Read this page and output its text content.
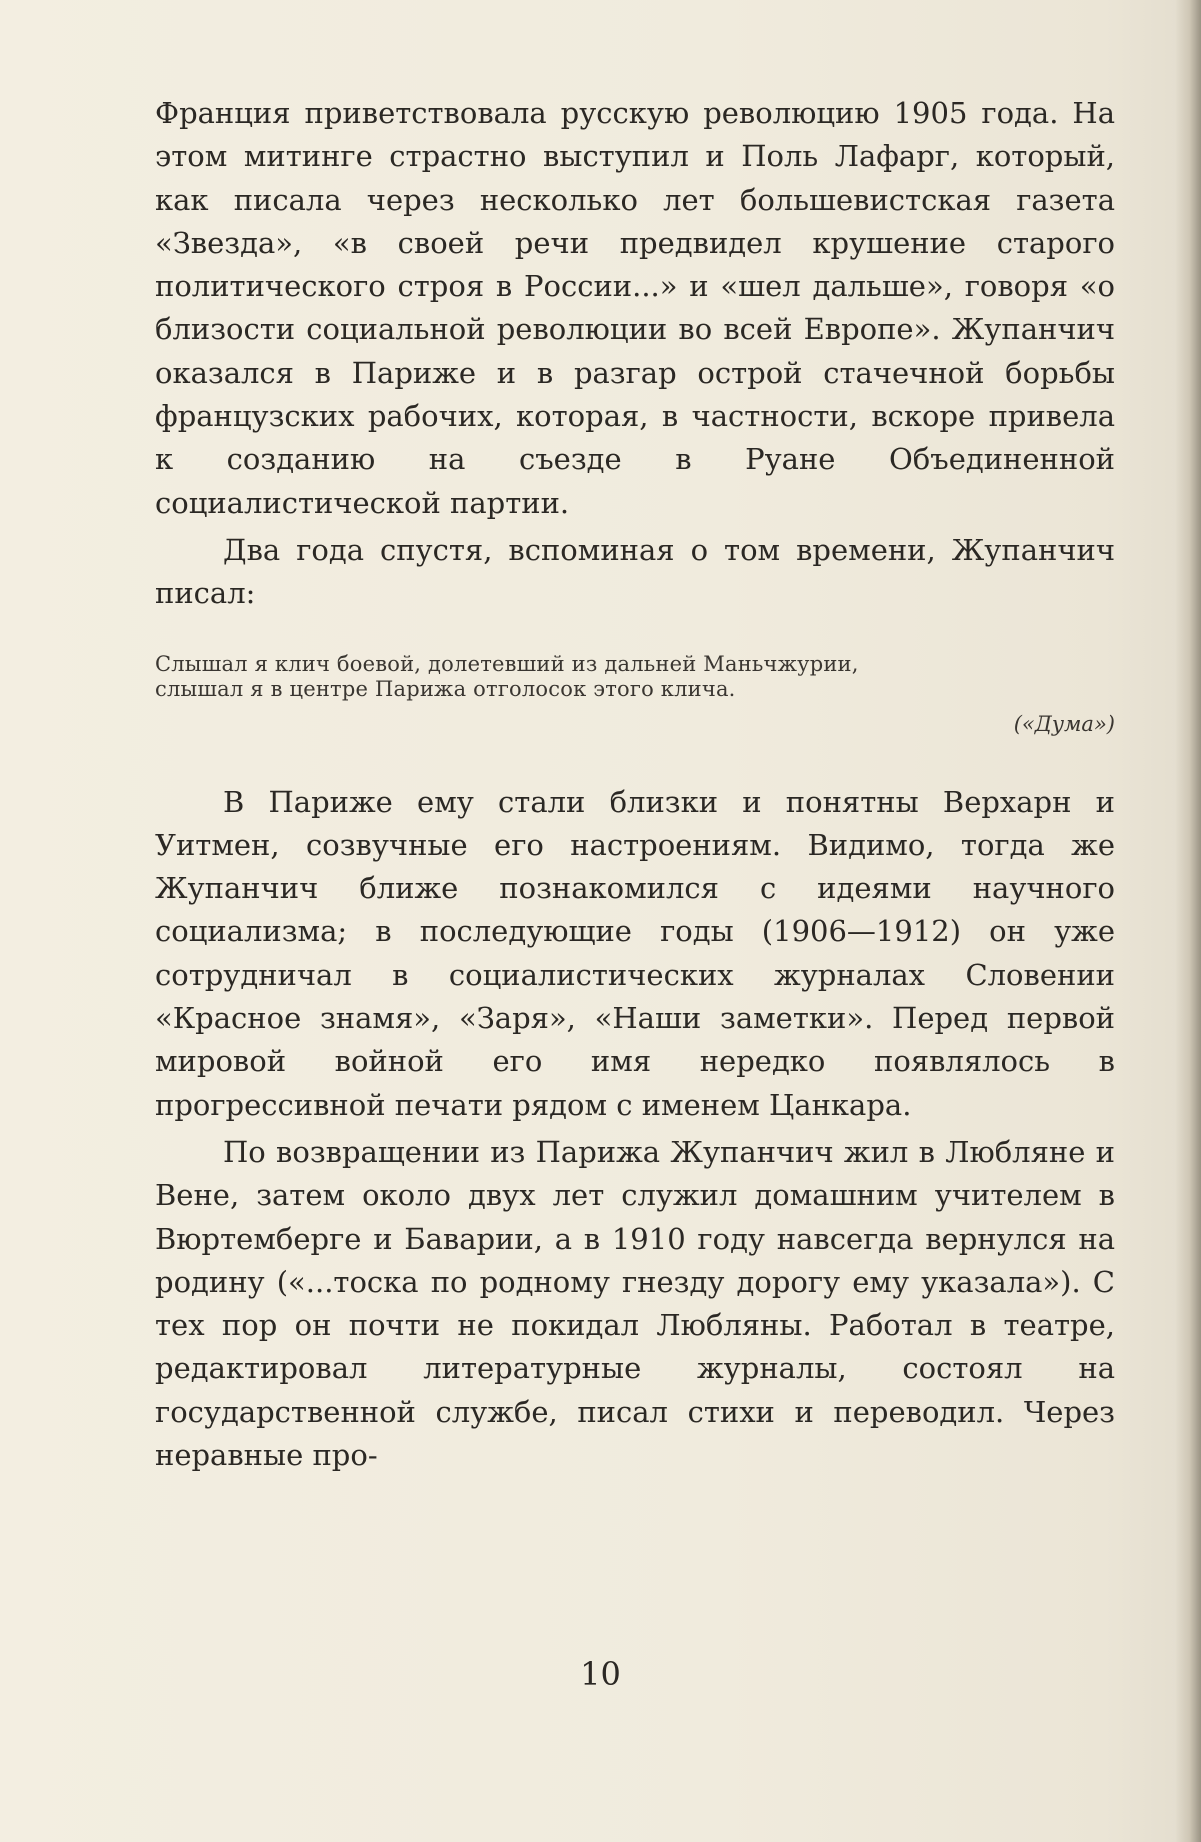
Франция приветствовала русскую революцию 1905 года. На этом митинге страстно выступил и Поль Лафарг, который, как писала через несколько лет большевистская газета «Звезда», «в своей речи предвидел крушение старого политического строя в России...» и «шел дальше», говоря «о близости социальной революции во всей Европе». Жупанчич оказался в Париже и в разгар острой стачечной борьбы французских рабочих, которая, в частности, вскоре привела к созданию на съезде в Руане Объединенной социалистической партии.

Два года спустя, вспоминая о том времени, Жупанчич писал:

Слышал я клич боевой, долетевший из дальней Маньчжурии,
слышал я в центре Парижа отголосок этого клича.
(«Дума»)

В Париже ему стали близки и понятны Верхарн и Уитмен, созвучные его настроениям. Видимо, тогда же Жупанчич ближе познакомился с идеями научного социализма; в последующие годы (1906—1912) он уже сотрудничал в социалистических журналах Словении «Красное знамя», «Заря», «Наши заметки». Перед первой мировой войной его имя нередко появлялось в прогрессивной печати рядом с именем Цанкара.

По возвращении из Парижа Жупанчич жил в Любляне и Вене, затем около двух лет служил домашним учителем в Вюртемберге и Баварии, а в 1910 году навсегда вернулся на родину («...тоска по родному гнезду дорогу ему указала»). С тех пор он почти не покидал Любляны. Работал в театре, редактировал литературные журналы, состоял на государственной службе, писал стихи и переводил. Через неравные про-

10
